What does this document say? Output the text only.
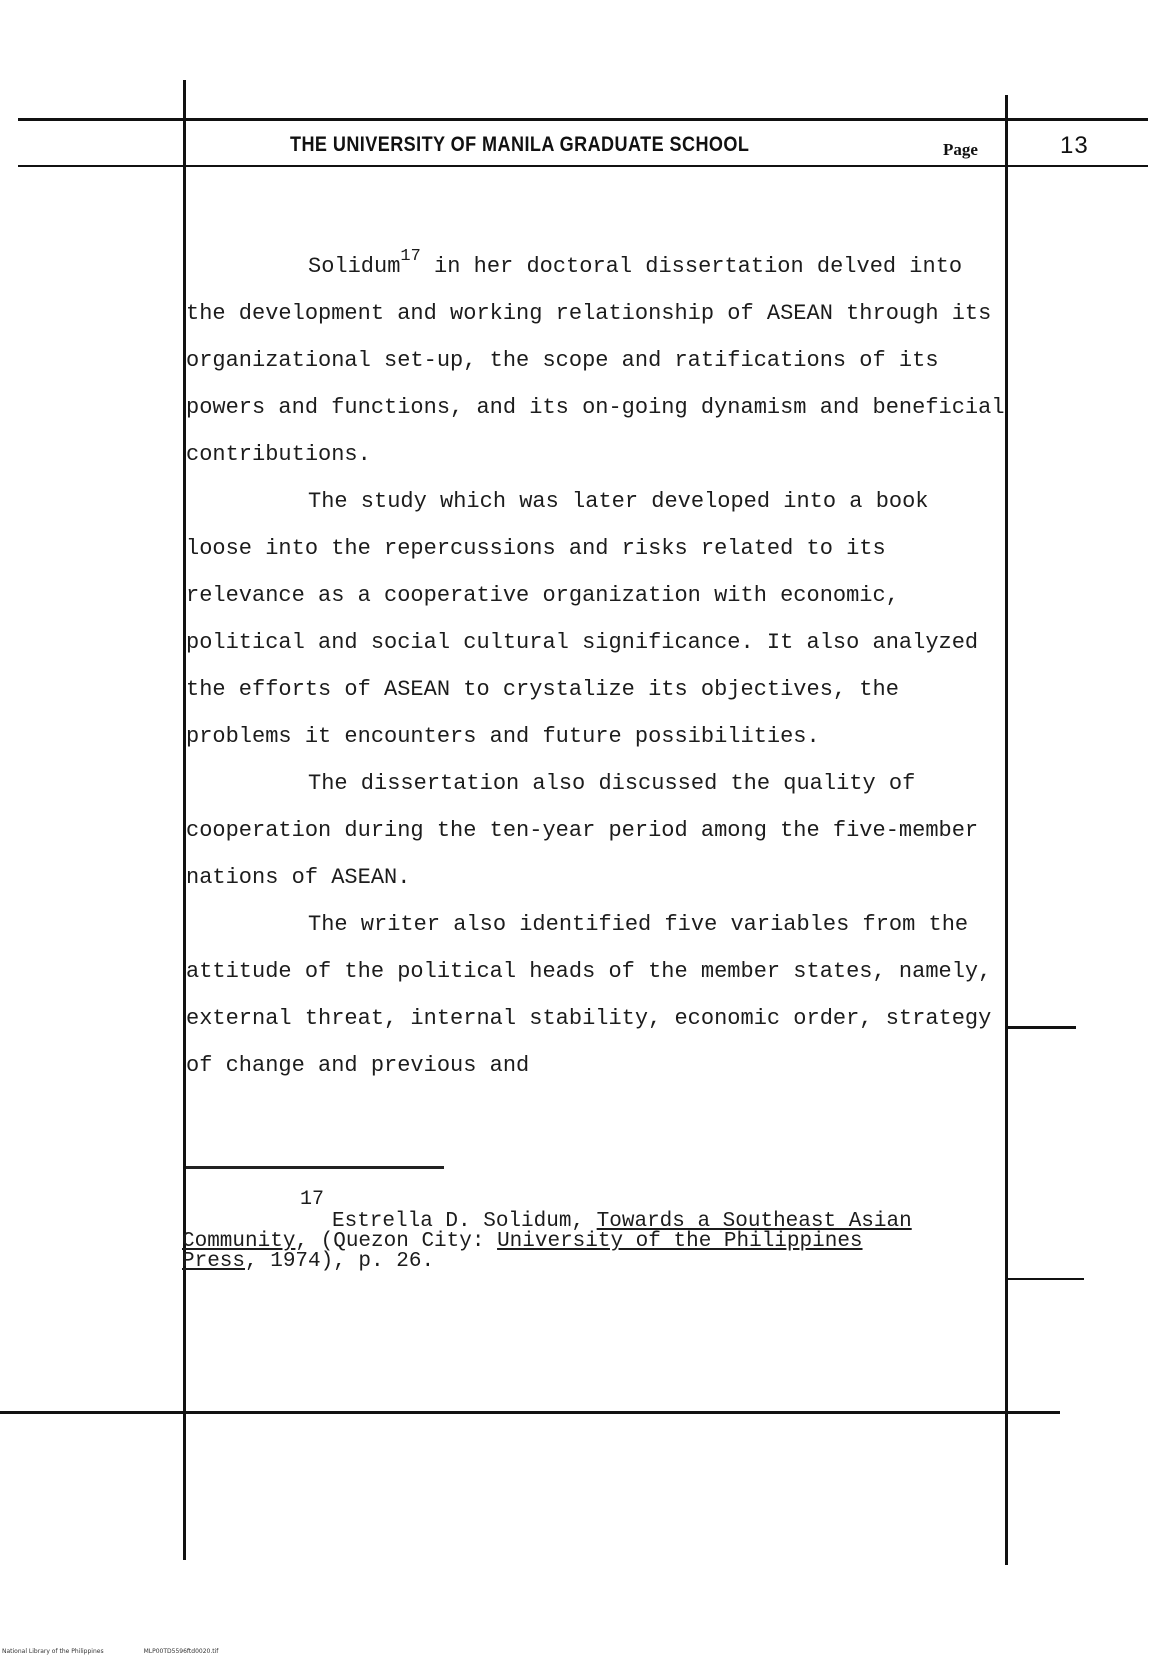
THE UNIVERSITY OF MANILA GRADUATE SCHOOL	Page	13

Solidum$^{17}$ in her doctoral dissertation delved into the development and working relationship of ASEAN through its organizational set-up, the scope and ratifications of its powers and functions, and its on-going dynamism and beneficial contributions.

The study which was later developed into a book loose into the repercussions and risks related to its relevance as a cooperative organization with economic, political and social cultural significance. It also analyzed the efforts of ASEAN to crystalize its objectives, the problems it encounters and future possibilities.

The dissertation also discussed the quality of cooperation during the ten-year period among the five-member nations of ASEAN.

The writer also identified five variables from the attitude of the political heads of the member states, namely, external threat, internal stability, economic order, strategy of change and previous and

17

Estrella D. Solidum, Towards a Southeast Asian Community, (Quezon City: University of the Philippines Press, 1974), p. 26.

National Library of the Philippines	MLP00TD5596ftd0020.tif
